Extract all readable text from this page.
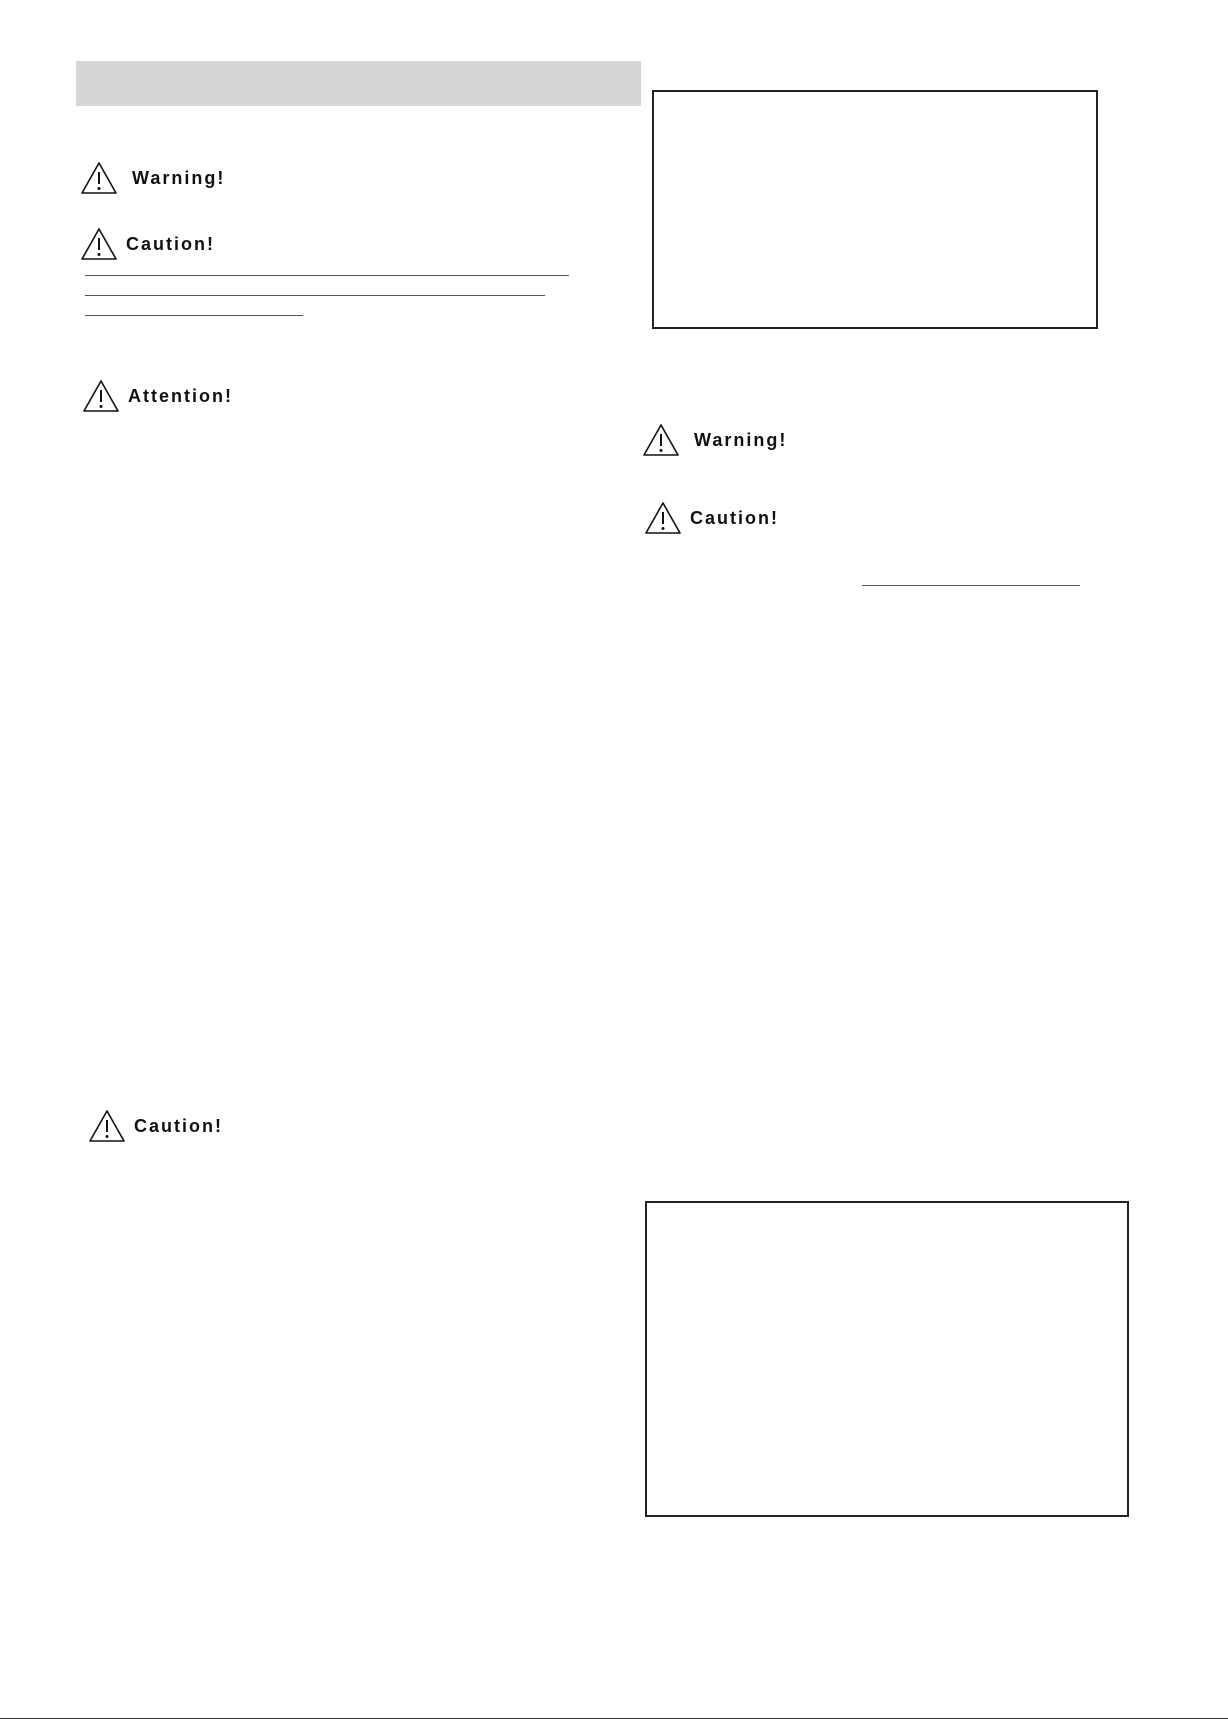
Warning!
Caution!
Attention!
Caution!
Warning!
Caution!
